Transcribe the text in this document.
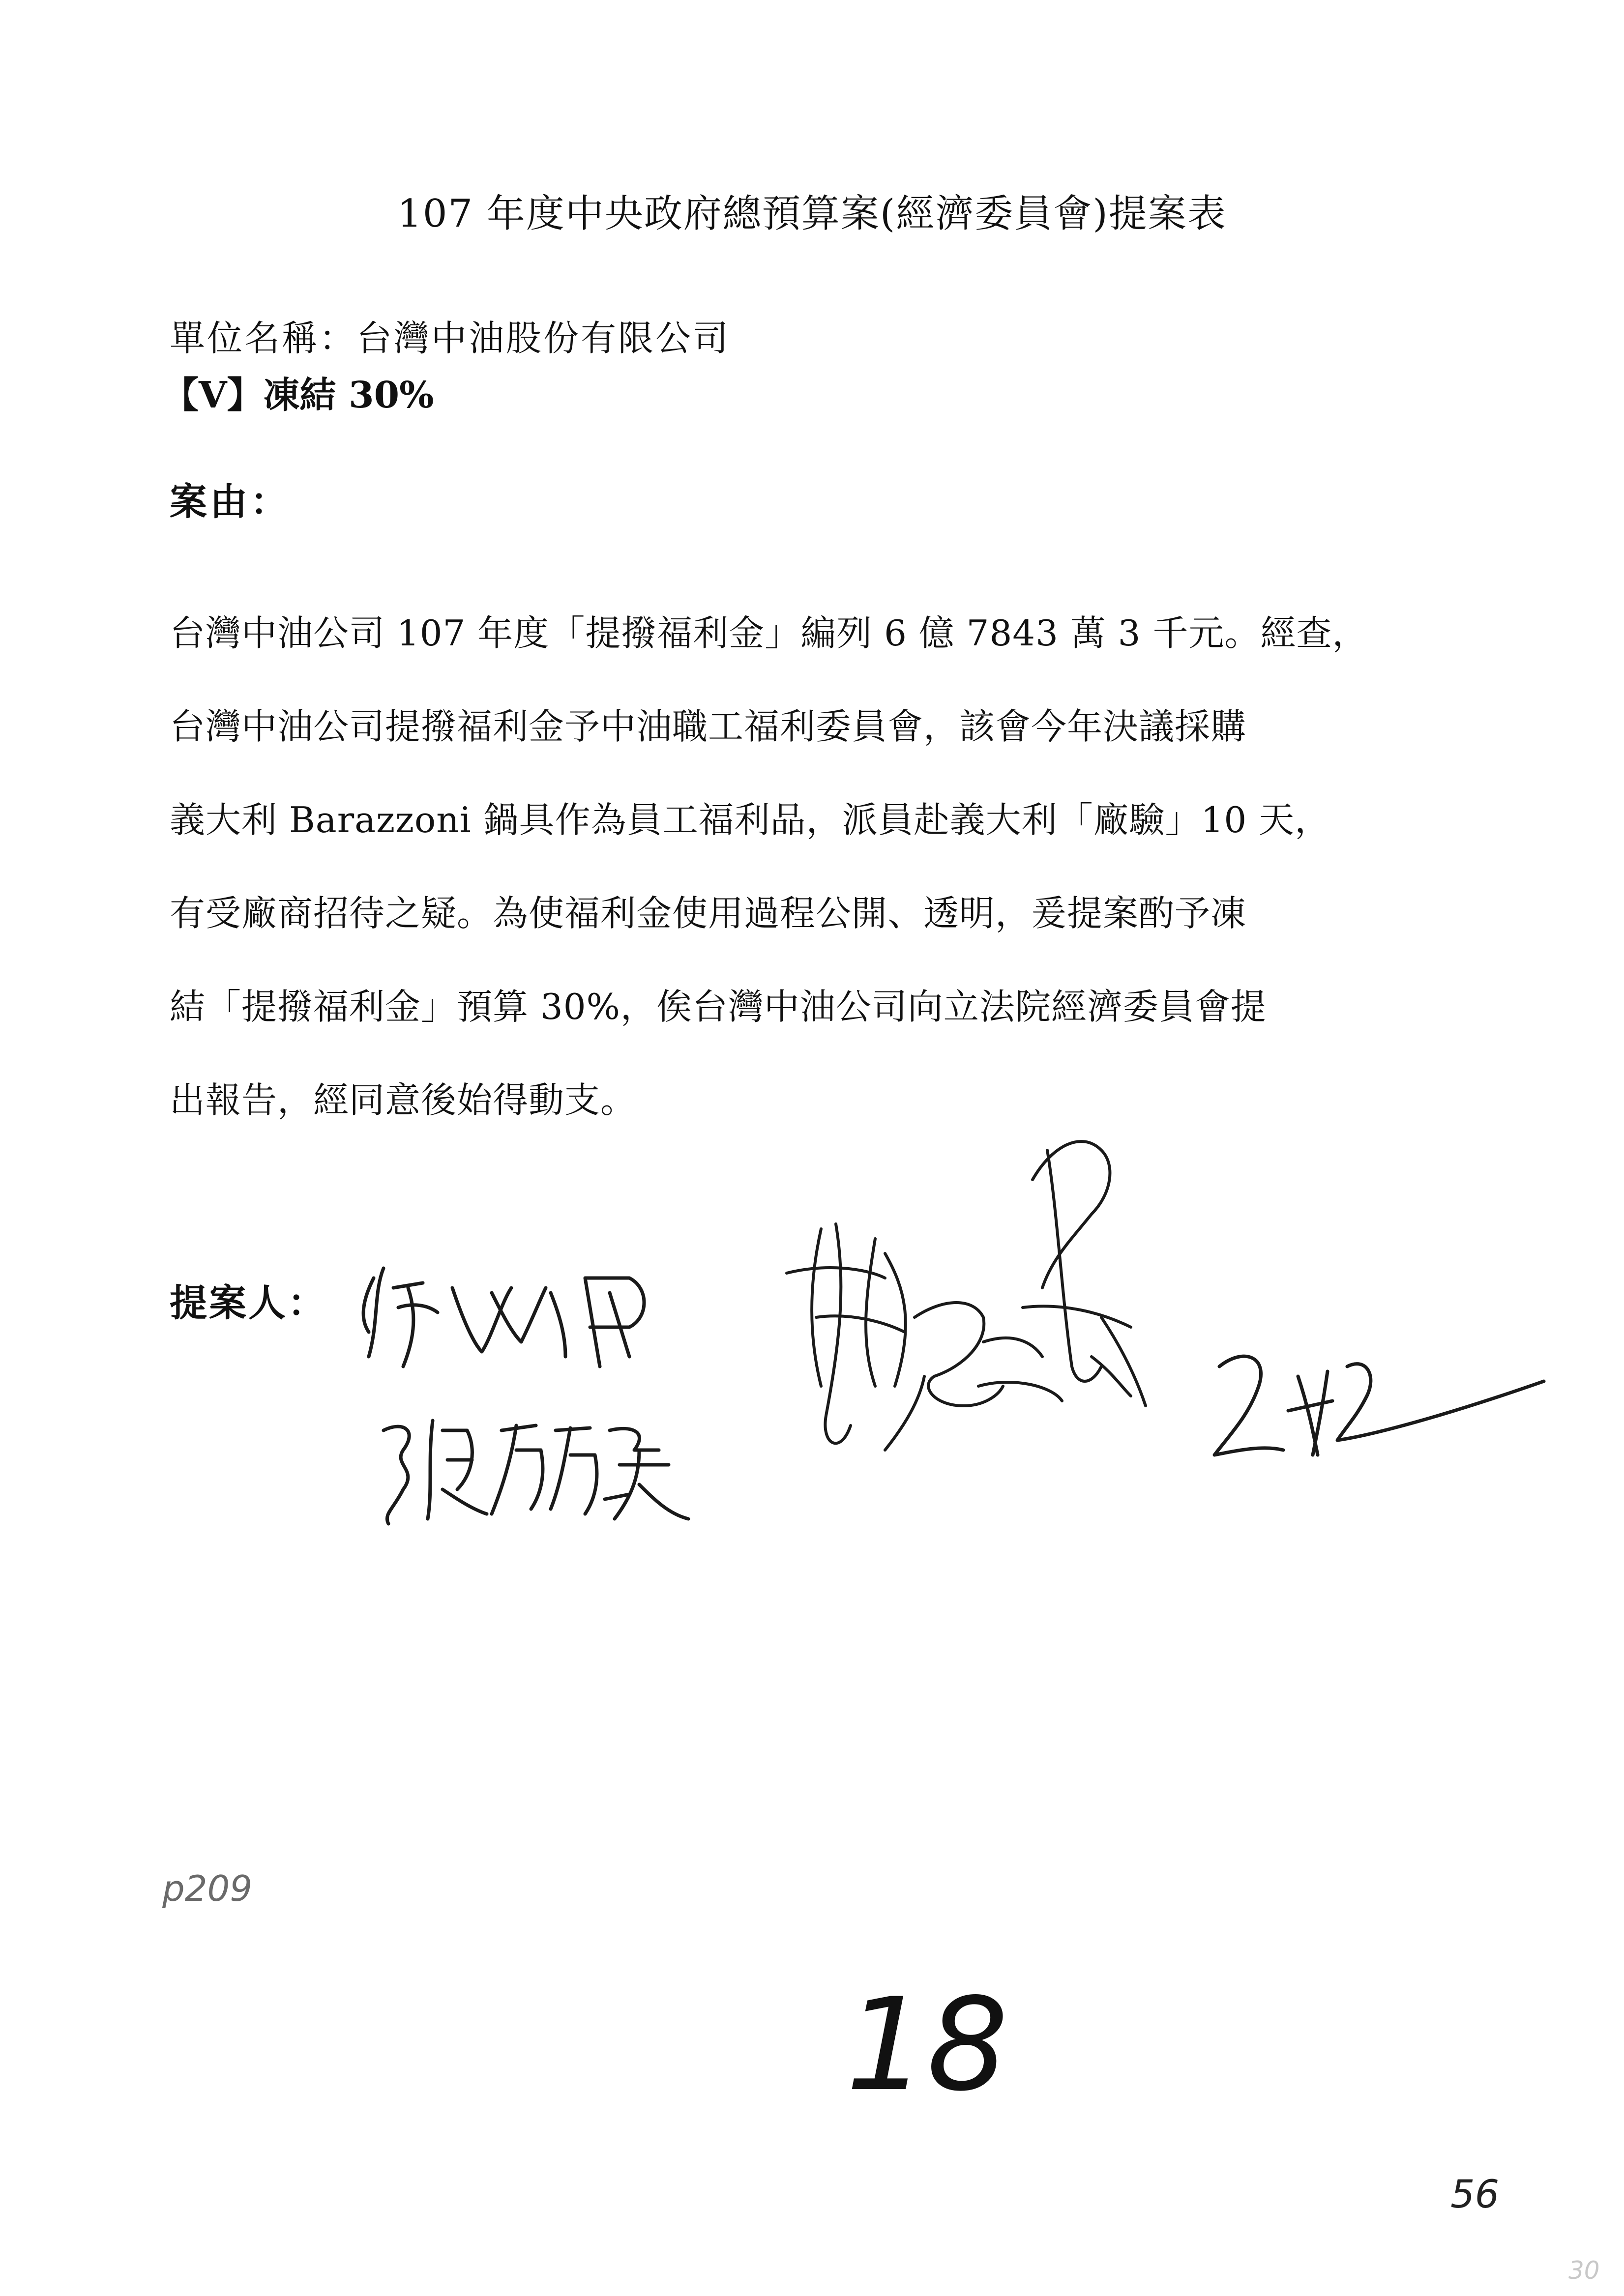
107 年度中央政府總預算案(經濟委員會)提案表
單位名稱：台灣中油股份有限公司
【V】凍結 30%
案由：
台灣中油公司 107 年度「提撥福利金」編列 6 億 7843 萬 3 千元。經查，
台灣中油公司提撥福利金予中油職工福利委員會，該會今年決議採購
義大利 Barazzoni 鍋具作為員工福利品，派員赴義大利「廠驗」10 天，
有受廠商招待之疑。為使福利金使用過程公開、透明，爰提案酌予凍
結「提撥福利金」預算 30%，俟台灣中油公司向立法院經濟委員會提
出報告，經同意後始得動支。
提案人：
p209
18
56
30
